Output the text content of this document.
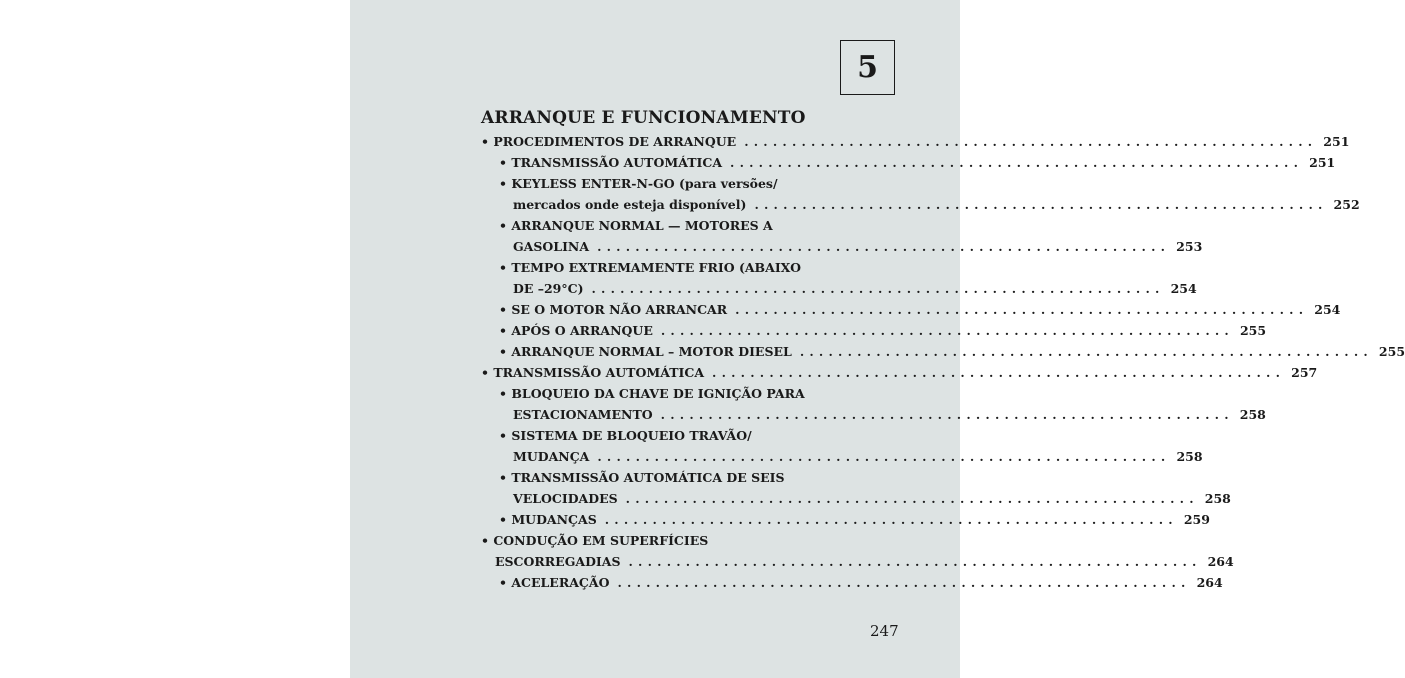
5
ARRANQUE E FUNCIONAMENTO
• PROCEDIMENTOS DE ARRANQUE ............................................................ 251
• TRANSMISSÃO AUTOMÁTICA ............................................................ 251
• KEYLESS ENTER-N-GO (para versões/
mercados onde esteja disponível) ............................................................ 252
• ARRANQUE NORMAL — MOTORES A
GASOLINA ............................................................ 253
• TEMPO EXTREMAMENTE FRIO (ABAIXO
DE –29°C) ............................................................ 254
• SE O MOTOR NÃO ARRANCAR ............................................................ 254
• APÓS O ARRANQUE ............................................................ 255
• ARRANQUE NORMAL – MOTOR DIESEL ............................................................ 255
• TRANSMISSÃO AUTOMÁTICA ............................................................ 257
• BLOQUEIO DA CHAVE DE IGNIÇÃO PARA
ESTACIONAMENTO ............................................................ 258
• SISTEMA DE BLOQUEIO TRAVÃO/
MUDANÇA ............................................................ 258
• TRANSMISSÃO AUTOMÁTICA DE SEIS
VELOCIDADES ............................................................ 258
• MUDANÇAS ............................................................ 259
• CONDUÇÃO EM SUPERFÍCIES
ESCORREGADIAS ............................................................ 264
• ACELERAÇÃO ............................................................ 264
247
